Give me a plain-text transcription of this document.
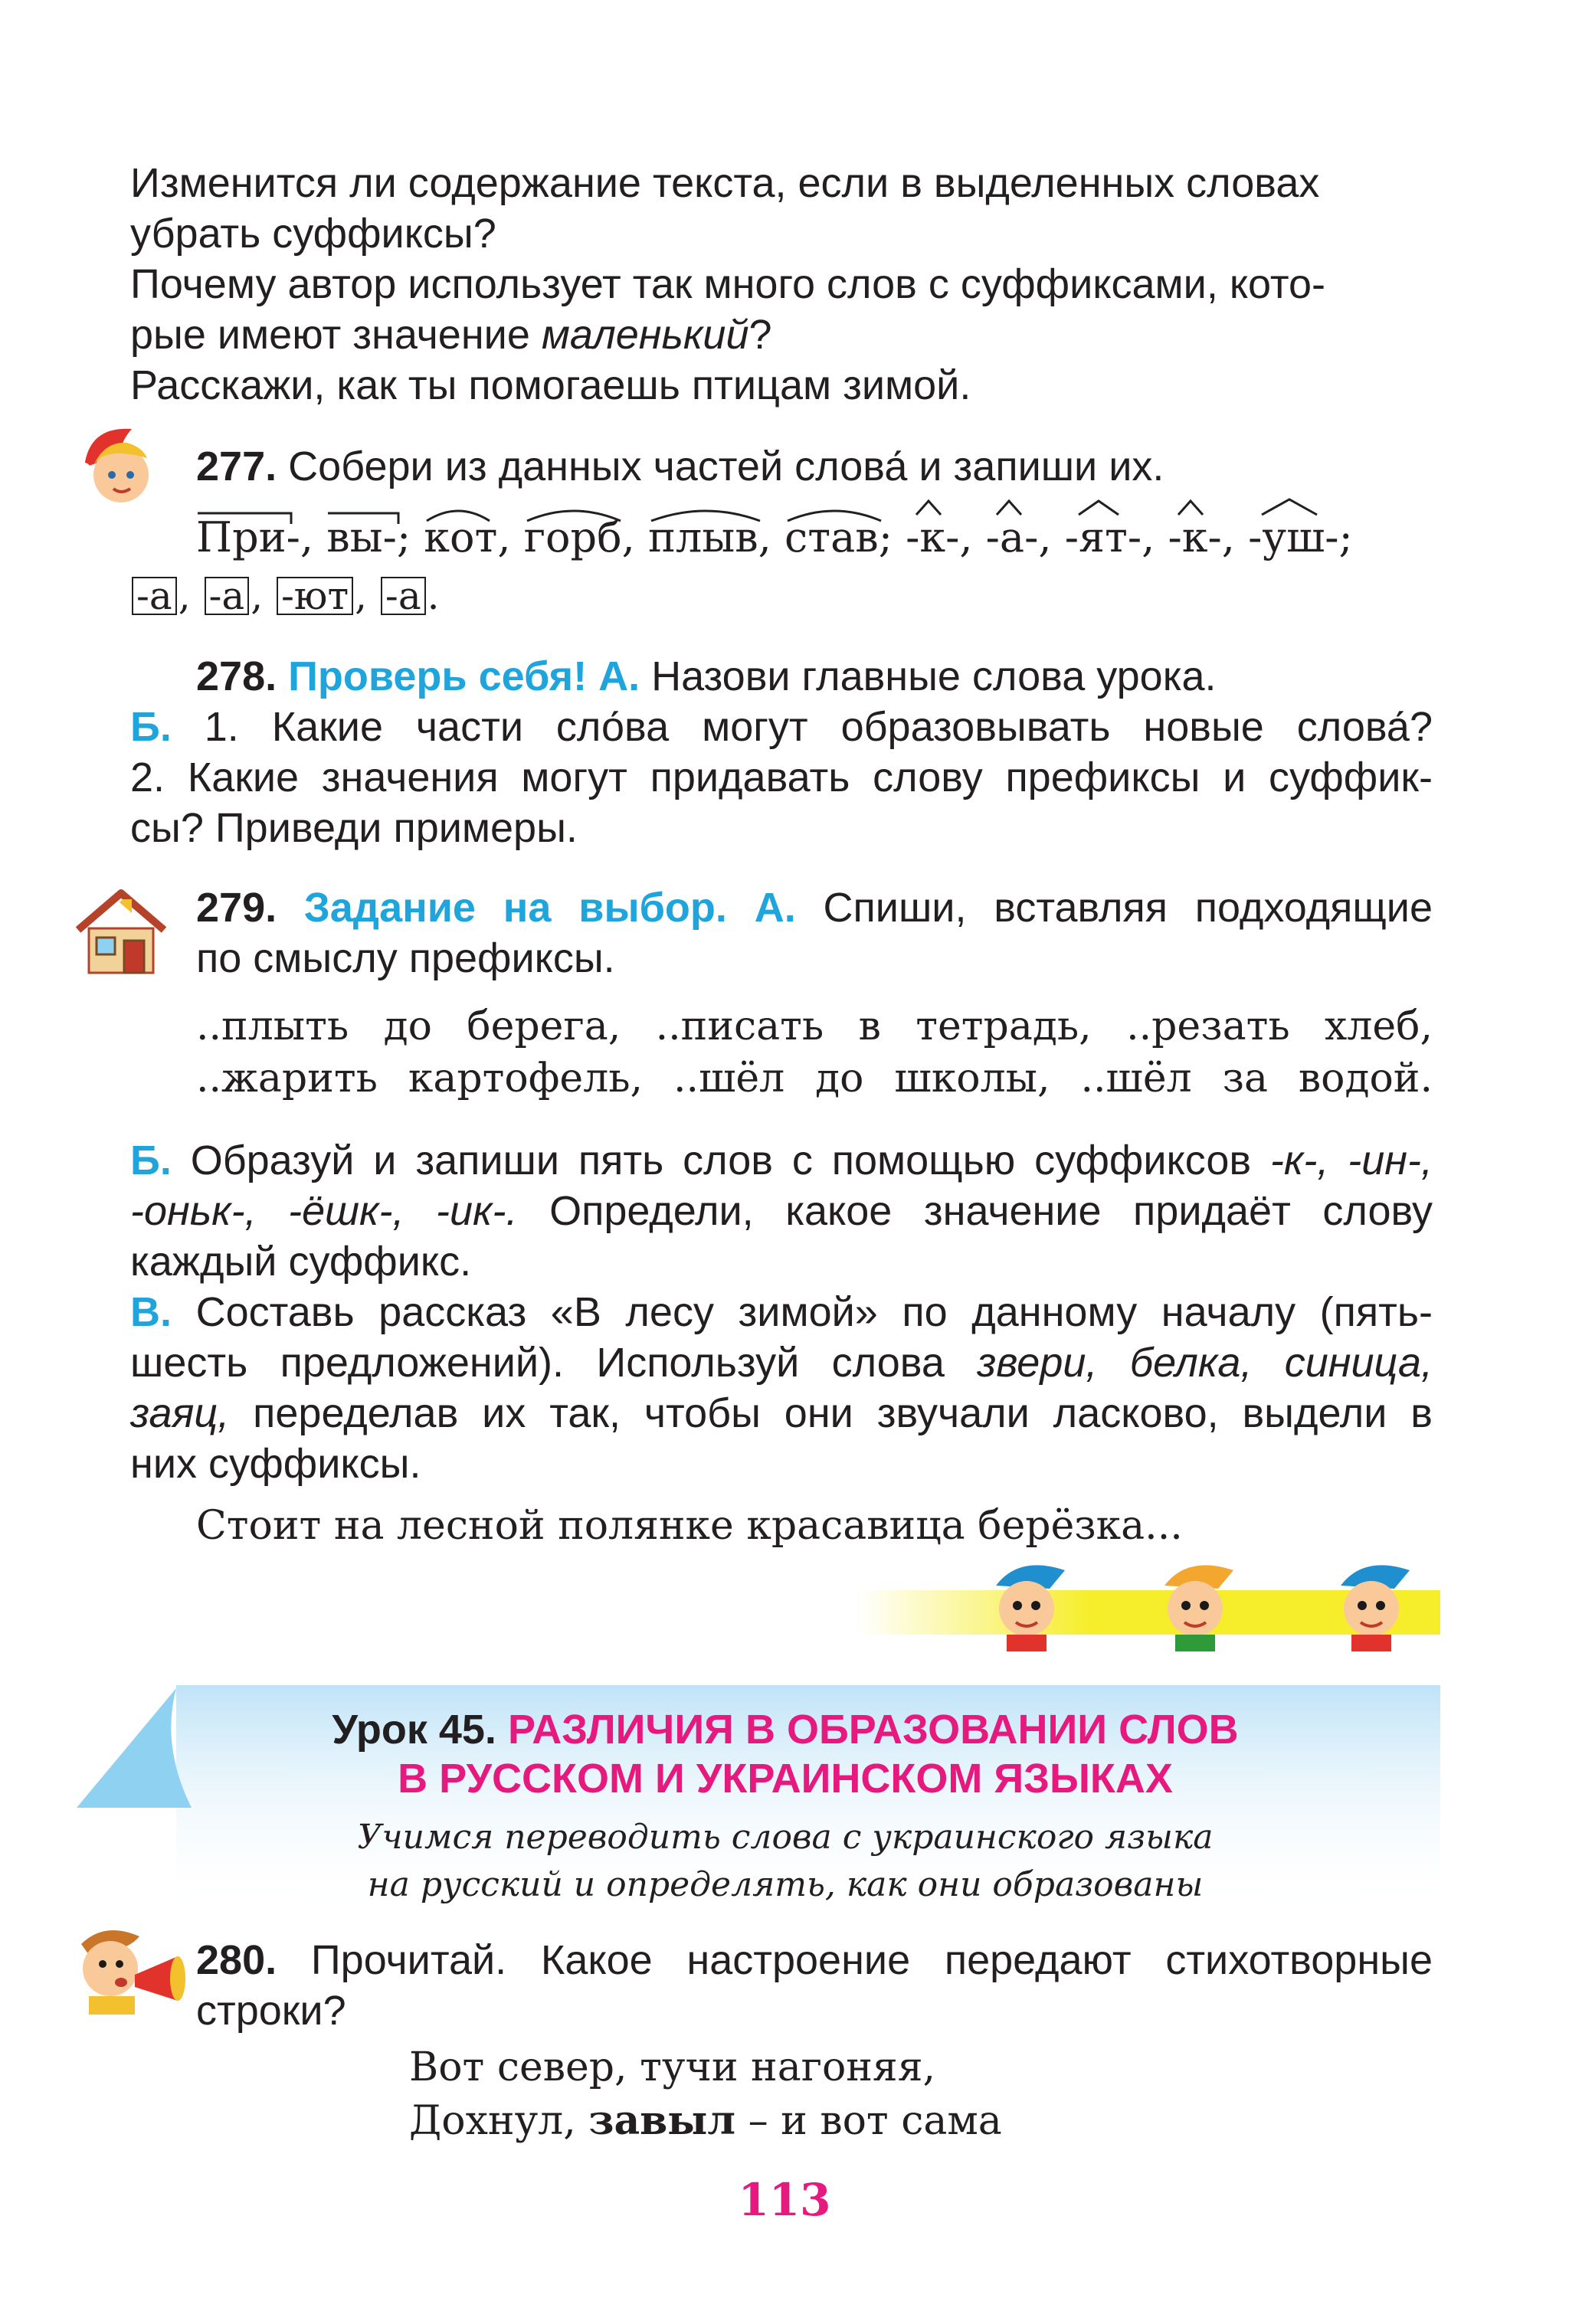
Изменится ли содержание текста, если в выделенных словах
убрать суффиксы?
Почему автор использует так много слов с суффиксами, кото-
рые имеют значение маленький?
Расскажи, как ты помогаешь птицам зимой.
277. Собери из данных частей слова́ и запиши их.
При-,
вы-;
кот,
горб,
плыв,
став;
-к-,
-а-,
-ят-,
-к-,
-уш-;
-а , -а , -ют , -а .
278. Проверь себя! А. Назови главные слова урока.
Б. 1. Какие части сло́ва могут образовывать новые слова́?
2. Какие значения могут придавать слову префиксы и суффик-
сы? Приведи примеры.
279. Задание на выбор. А. Спиши, вставляя подходящие
по смыслу префиксы.
..плыть до берега, ..писать в тетрадь, ..резать хлеб,
..жарить картофель, ..шёл до школы, ..шёл за водой.
Б. Образуй и запиши пять слов с помощью суффиксов -к-, -ин-,
-оньк-, -ёшк-, -ик-. Определи, какое значение придаёт слову
каждый суффикс.
В. Составь рассказ «В лесу зимой» по данному началу (пять-
шесть предложений). Используй слова звери, белка, синица,
заяц, переделав их так, чтобы они звучали ласково, выдели в
них суффиксы.
Стоит на лесной полянке красавица берёзка...
Урок 45. РАЗЛИЧИЯ В ОБРАЗОВАНИИ СЛОВ
В РУССКОМ И УКРАИНСКОМ ЯЗЫКАХ
Учимся переводить слова с украинского языка
на русский и определять, как они образованы
280. Прочитай. Какое настроение передают стихотворные
строки?
Вот север, тучи нагоняя,
Дохнул, завыл – и вот сама
113
